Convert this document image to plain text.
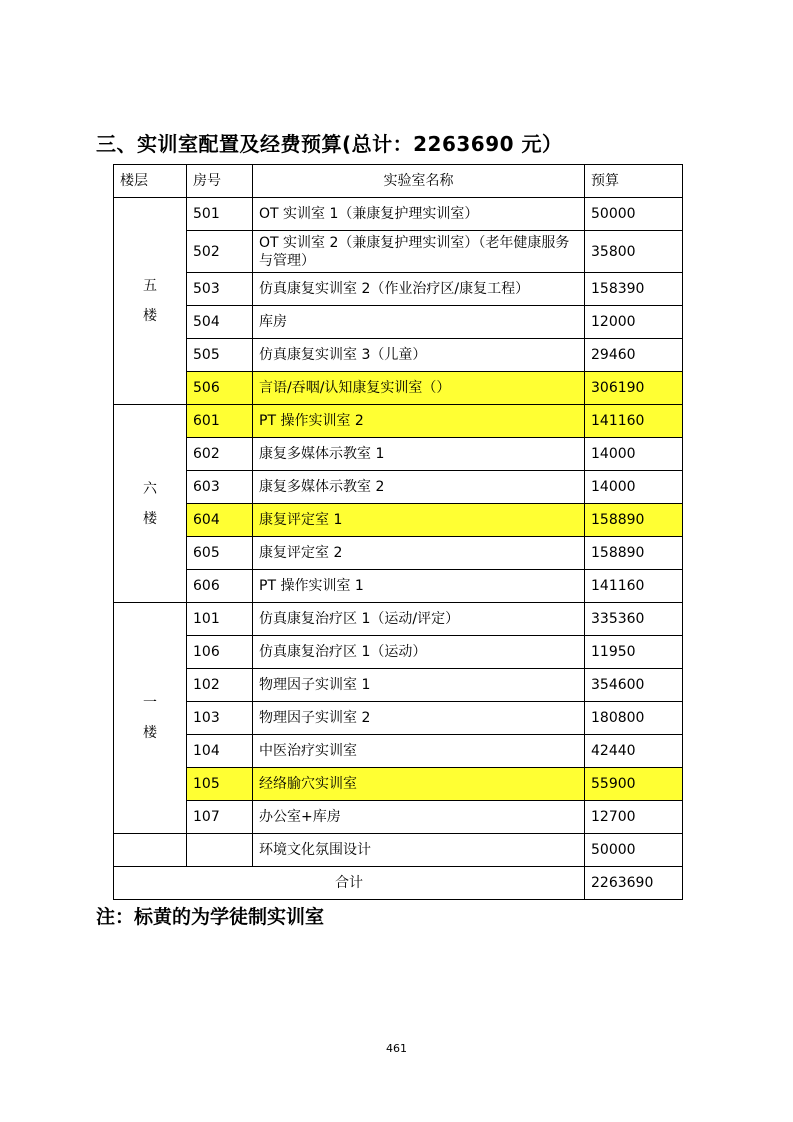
三、实训室配置及经费预算(总计：2263690 元）
楼层	房号	实验室名称	预算
五楼	501	OT 实训室 1（兼康复护理实训室）	50000
	502	OT 实训室 2（兼康复护理实训室）（老年健康服务与管理）	35800
	503	仿真康复实训室 2（作业治疗区/康复工程）	158390
	504	库房	12000
	505	仿真康复实训室 3（儿童）	29460
	506	言语/吞咽/认知康复实训室（）	306190
六楼	601	PT 操作实训室 2	141160
	602	康复多媒体示教室 1	14000
	603	康复多媒体示教室 2	14000
	604	康复评定室 1	158890
	605	康复评定室 2	158890
	606	PT 操作实训室 1	141160
一楼	101	仿真康复治疗区 1（运动/评定）	335360
	106	仿真康复治疗区 1（运动）	11950
	102	物理因子实训室 1	354600
	103	物理因子实训室 2	180800
	104	中医治疗实训室	42440
	105	经络腧穴实训室	55900
	107	办公室+库房	12700
		环境文化氛围设计	50000
合计			2263690
注：标黄的为学徒制实训室
461
